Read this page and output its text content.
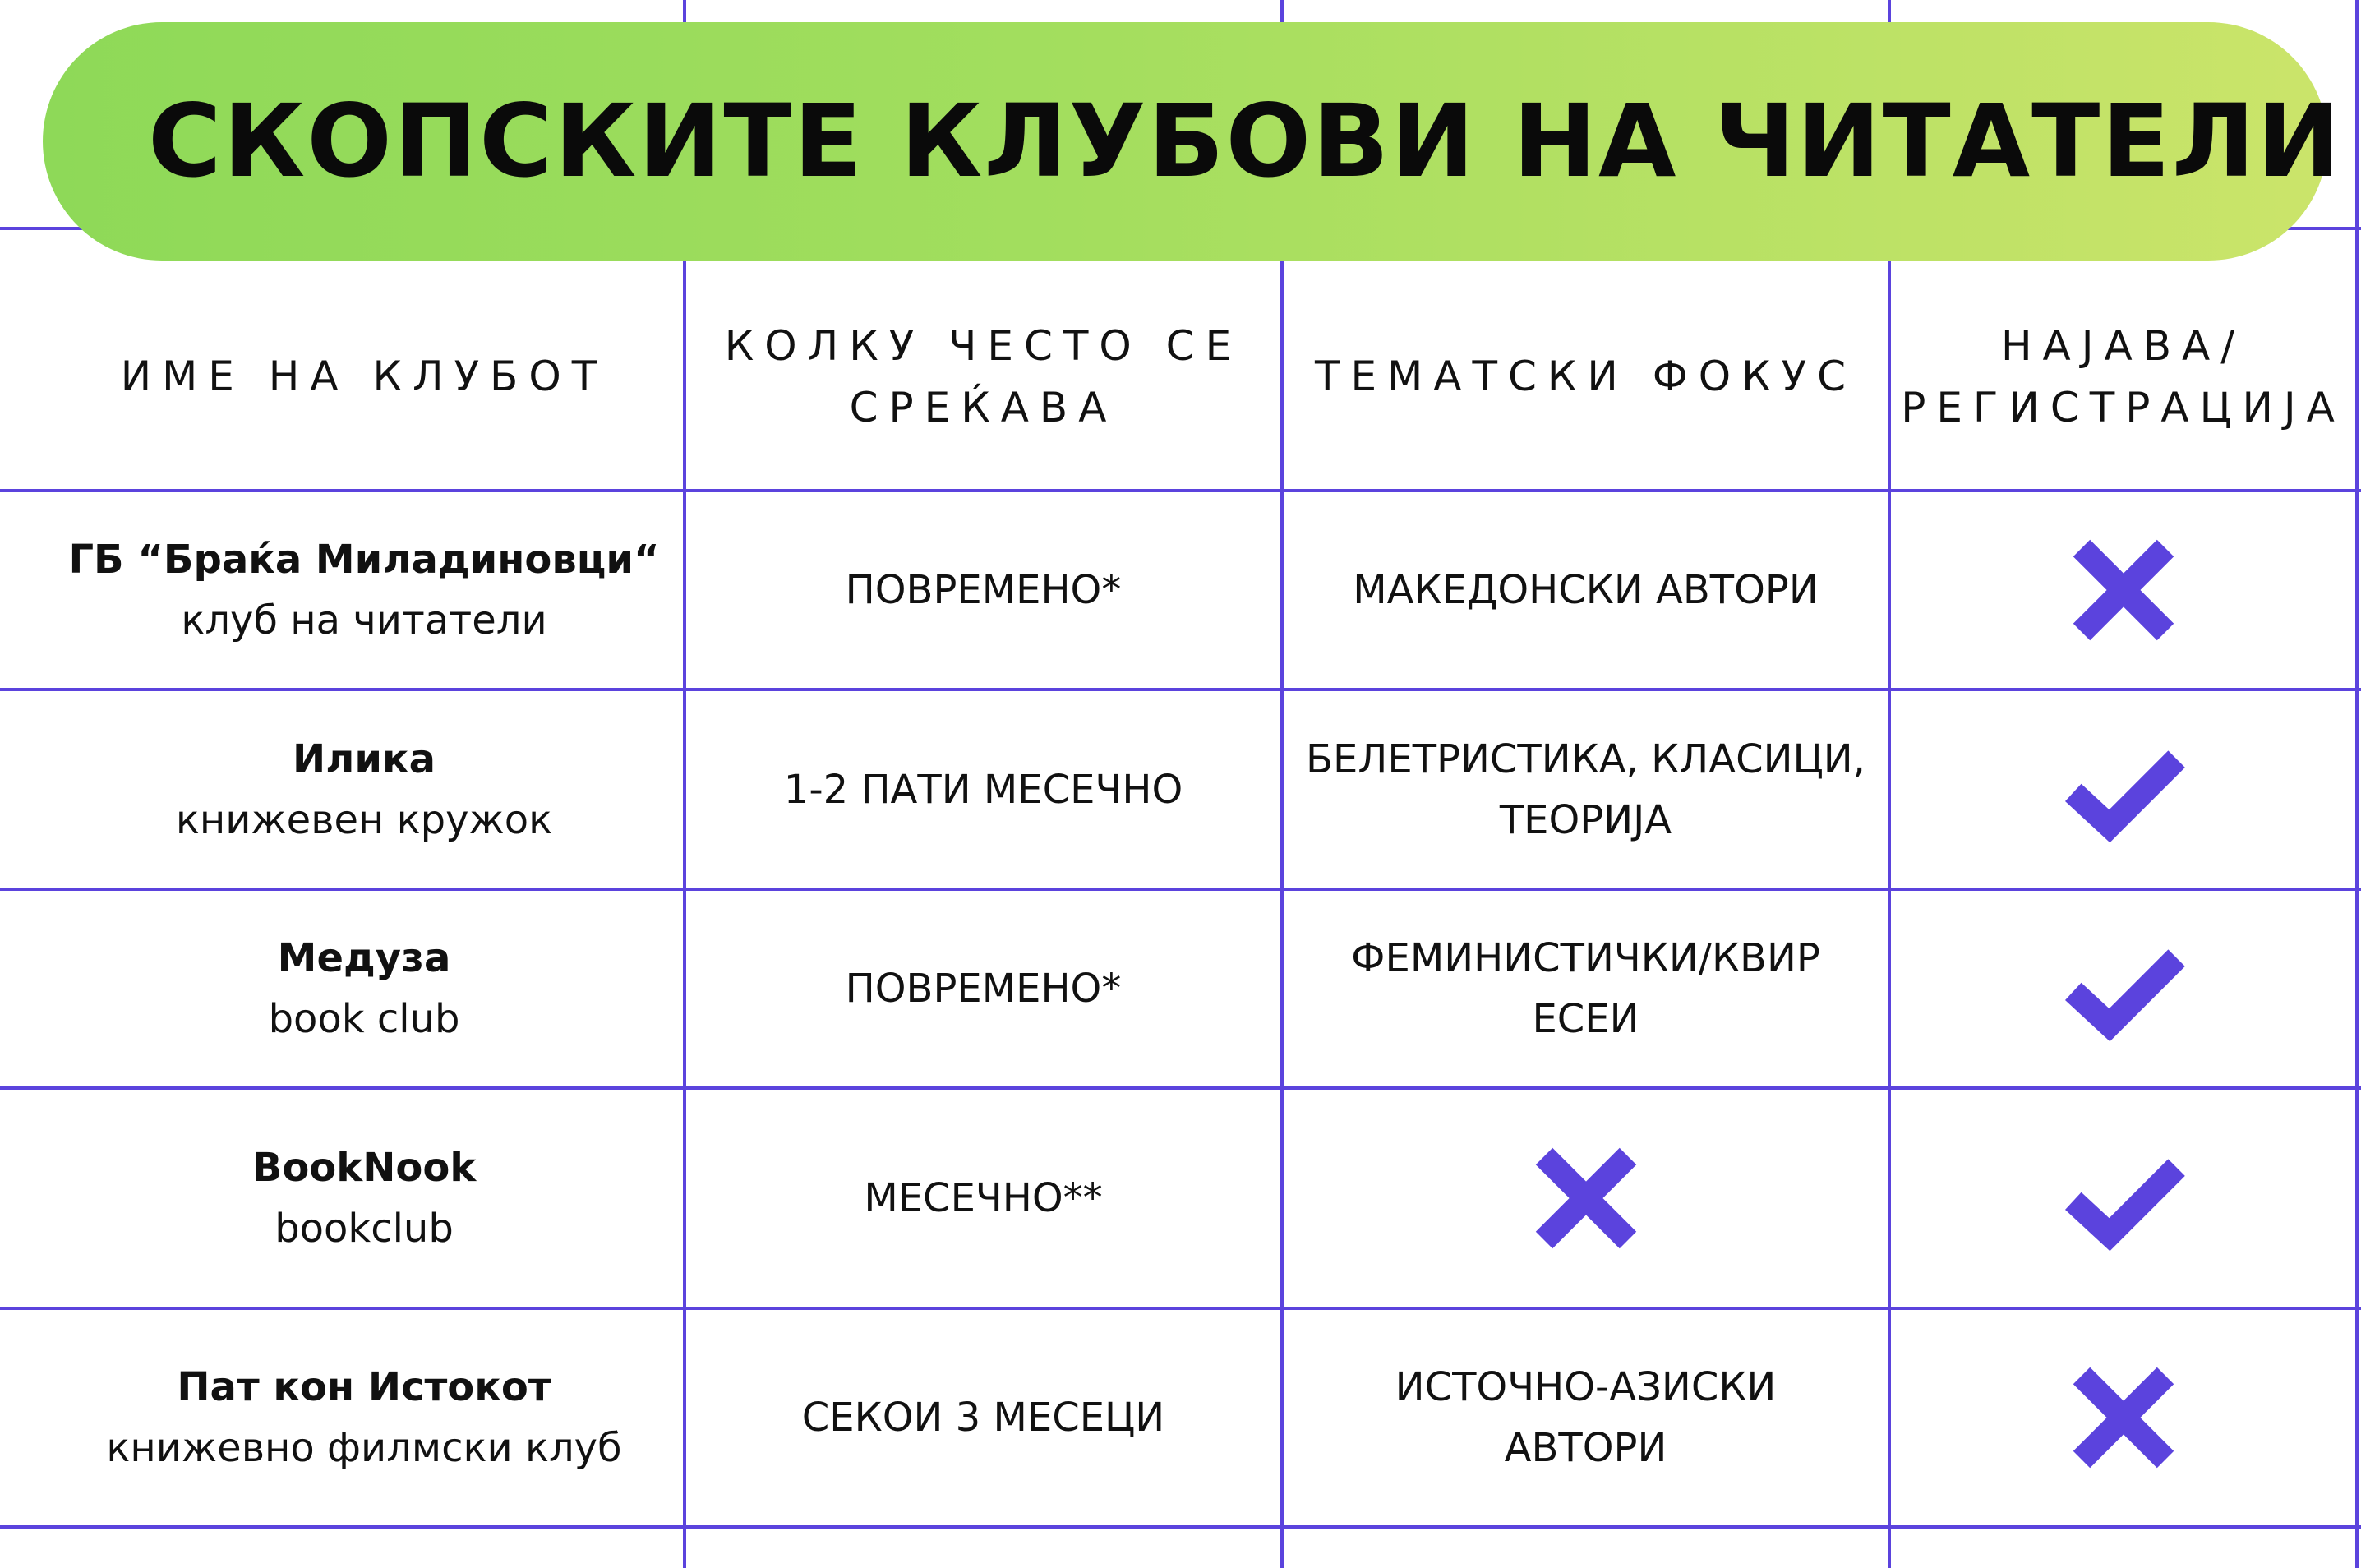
СКОПСКИТЕ КЛУБОВИ НА ЧИТАТЕЛИ
ИМЕ НА КЛУБОТ
КОЛКУ ЧЕСТО СЕ
СРЕЌАВА
ТЕМАТСКИ ФОКУС
НАЈАВА/
РЕГИСТРАЦИЈА
ГБ “Браќа Миладиновци“
клуб на читатели
ПОВРЕМЕНО*	МАКЕДОНСКИ АВТОРИ
Илика
книжевен кружок
1-2 ПАТИ МЕСЕЧНО
БЕЛЕТРИСТИКА, КЛАСИЦИ,
ТЕОРИЈА
Медуза
book club
ПОВРЕМЕНО*
ФЕМИНИСТИЧКИ/КВИР
ЕСЕИ
BookNook
bookclub
МЕСЕЧНО**
Пат кон Истокот
книжевно филмски клуб
СЕКОИ 3 МЕСЕЦИ
ИСТОЧНО-АЗИСКИ
АВТОРИ
